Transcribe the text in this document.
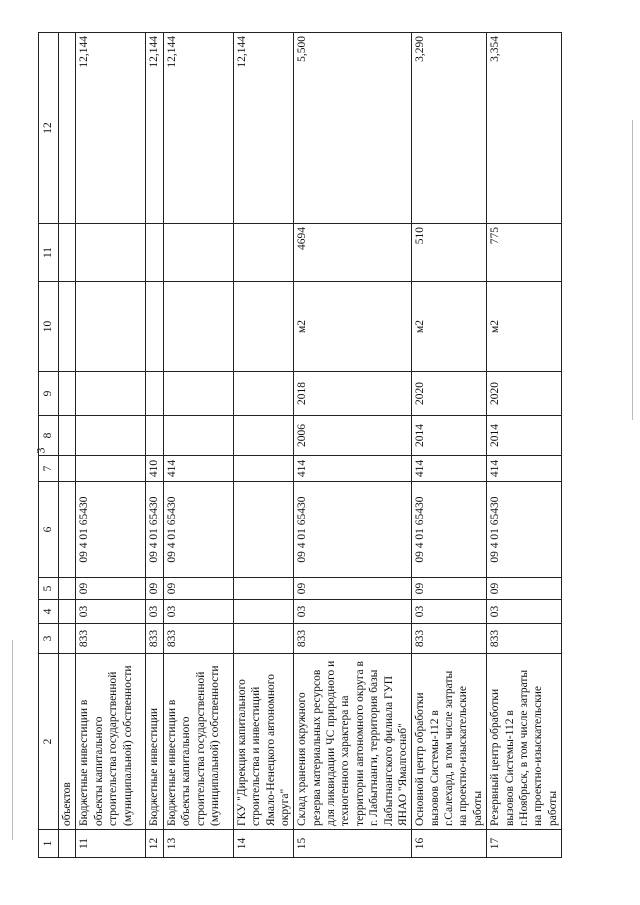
3
1	2	3	4	5	6	7	8	9	10	11	12
	объектов										
11	Бюджетные инвестиции в объекты капитального строительства государственной (муниципальной) собственности	833	03	09	09 4 01 65430						12,144
12	Бюджетные инвестиции	833	03	09	09 4 01 65430	410					12,144
13	Бюджетные инвестиции в объекты капитального строительства государственной (муниципальной) собственности	833	03	09	09 4 01 65430	414					12,144
14	ГКУ "Дирекция капитального строительства и инвестиций Ямало-Ненецкого автономного округа"										12,144
15	Склад хранения окружного резерва материальных ресурсов для ликвидации ЧС природного и техногенного характера на территории автономного округа в г. Лабытнанги, территория базы Лабытнангского филиала ГУП ЯНАО "Ямалгоснаб"	833	03	09	09 4 01 65430	414	2006	2018	м2	4694	5,500
16	Основной центр обработки вызовов Системы-112 в г.Салехард, в том числе затраты на проектно-изыскательские работы	833	03	09	09 4 01 65430	414	2014	2020	м2	510	3,290
17	Резервный центр обработки вызовов Системы-112 в г.Ноябрьск, в том числе затраты на проектно-изыскательские работы	833	03	09	09 4 01 65430	414	2014	2020	м2	775	3,354
